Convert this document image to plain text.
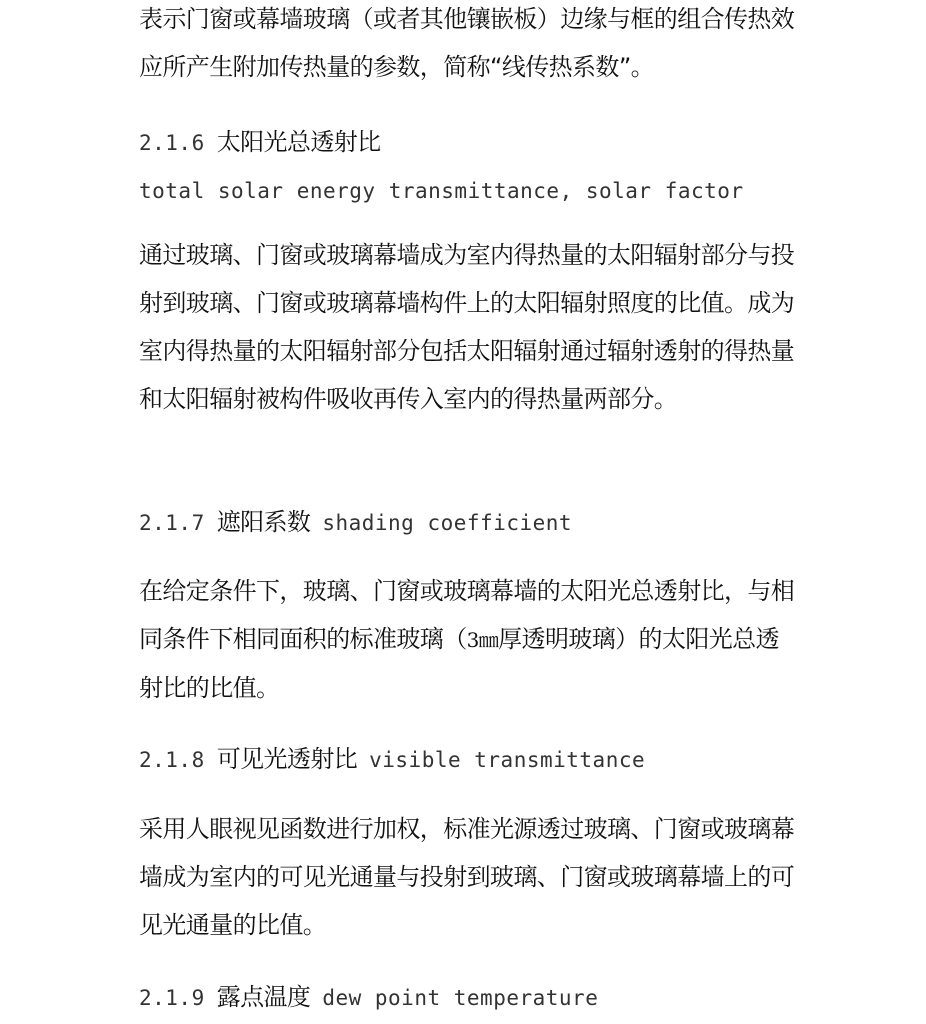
表示门窗或幕墙玻璃（或者其他镶嵌板）边缘与框的组合传热效应所产生附加传热量的参数，简称“线传热系数”。

2.1.6 太阳光总透射比
total solar energy transmittance, solar factor

通过玻璃、门窗或玻璃幕墙成为室内得热量的太阳辐射部分与投射到玻璃、门窗或玻璃幕墙构件上的太阳辐射照度的比值。成为室内得热量的太阳辐射部分包括太阳辐射通过辐射透射的得热量和太阳辐射被构件吸收再传入室内的得热量两部分。

2.1.7 遮阳系数 shading coefficient

在给定条件下，玻璃、门窗或玻璃幕墙的太阳光总透射比，与相同条件下相同面积的标准玻璃（3㎜厚透明玻璃）的太阳光总透射比的比值。

2.1.8 可见光透射比 visible transmittance

采用人眼视见函数进行加权，标准光源透过玻璃、门窗或玻璃幕墙成为室内的可见光通量与投射到玻璃、门窗或玻璃幕墙上的可见光通量的比值。

2.1.9 露点温度 dew point temperature
